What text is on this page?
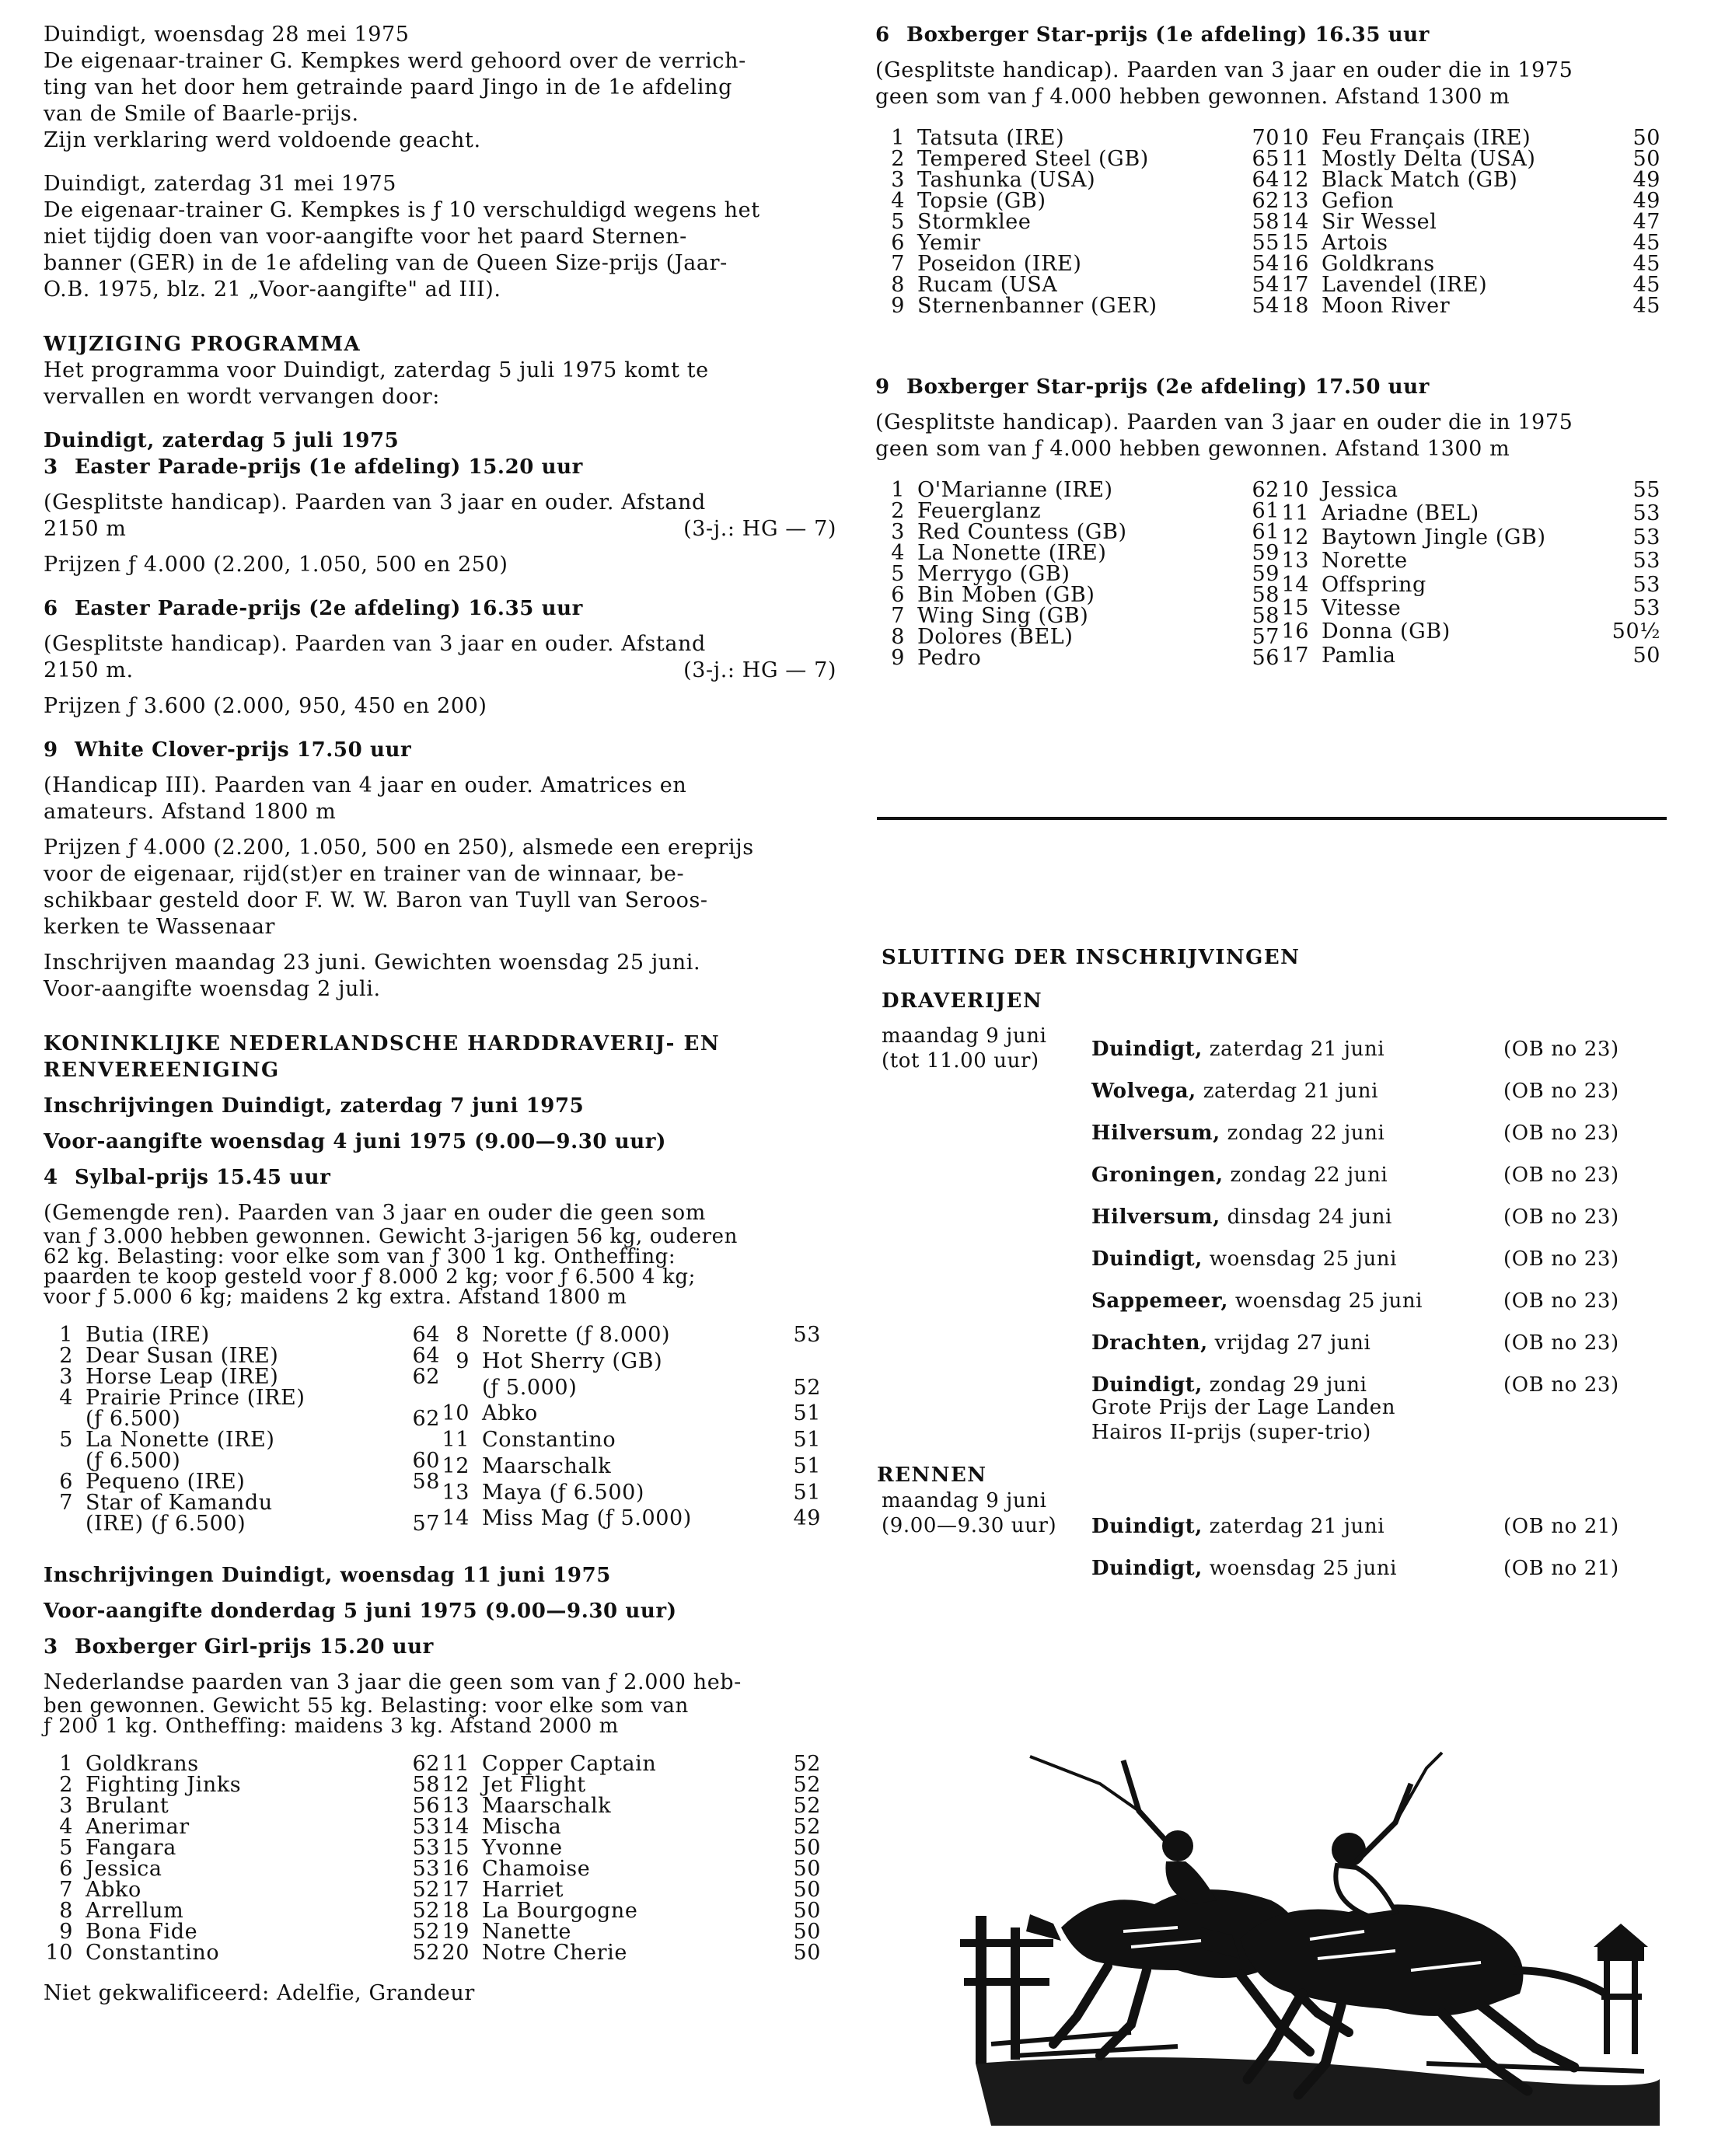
Duindigt, woensdag 28 mei 1975

De eigenaar-trainer G. Kempkes werd gehoord over de verrich-

ting van het door hem getrainde paard Jingo in de 1e afdeling

van de Smile of Baarle-prijs.

Zijn verklaring werd voldoende geacht.

Duindigt, zaterdag 31 mei 1975

De eigenaar-trainer G. Kempkes is ƒ 10 verschuldigd wegens het

niet tijdig doen van voor-aangifte voor het paard Sternen-

banner (GER) in de 1e afdeling van de Queen Size-prijs (Jaar-

O.B. 1975, blz. 21 „Voor-aangifte" ad III).

WIJZIGING PROGRAMMA

Het programma voor Duindigt, zaterdag 5 juli 1975 komt te

vervallen en wordt vervangen door:

Duindigt, zaterdag 5 juli 1975

3 Easter Parade-prijs (1e afdeling) 15.20 uur

(Gesplitste handicap). Paarden van 3 jaar en ouder. Afstand

2150 m	(3-j.: HG — 7)

Prijzen ƒ 4.000 (2.200, 1.050, 500 en 250)

6 Easter Parade-prijs (2e afdeling) 16.35 uur

(Gesplitste handicap). Paarden van 3 jaar en ouder. Afstand

2150 m.	(3-j.: HG — 7)

Prijzen ƒ 3.600 (2.000, 950, 450 en 200)

9 White Clover-prijs 17.50 uur

(Handicap III). Paarden van 4 jaar en ouder. Amatrices en

amateurs. Afstand 1800 m

Prijzen ƒ 4.000 (2.200, 1.050, 500 en 250), alsmede een ereprijs

voor de eigenaar, rijd(st)er en trainer van de winnaar, be-

schikbaar gesteld door F. W. W. Baron van Tuyll van Seroos-

kerken te Wassenaar

Inschrijven maandag 23 juni. Gewichten woensdag 25 juni.

Voor-aangifte woensdag 2 juli.

KONINKLIJKE NEDERLANDSCHE HARDDRAVERIJ- EN

RENVEREENIGING

Inschrijvingen Duindigt, zaterdag 7 juni 1975

Voor-aangifte woensdag 4 juni 1975 (9.00—9.30 uur)

4 Sylbal-prijs 15.45 uur

(Gemengde ren). Paarden van 3 jaar en ouder die geen som

van ƒ 3.000 hebben gewonnen. Gewicht 3-jarigen 56 kg, ouderen

62 kg. Belasting: voor elke som van ƒ 300 1 kg. Ontheffing:

paarden te koop gesteld voor ƒ 8.000 2 kg; voor ƒ 6.500 4 kg;

voor ƒ 5.000 6 kg; maidens 2 kg extra. Afstand 1800 m

1 Butia (IRE)	64
2 Dear Susan (IRE)	64
3 Horse Leap (IRE)	62
4 Prairie Prince (IRE)
(ƒ 6.500)	62
5 La Nonette (IRE)
(ƒ 6.500)	60
6 Pequeno (IRE)	58
7 Star of Kamandu
(IRE) (ƒ 6.500)	57
8 Norette (ƒ 8.000)	53
9 Hot Sherry (GB)
(ƒ 5.000)	52
10 Abko	51
11 Constantino	51
12 Maarschalk	51
13 Maya (ƒ 6.500)	51
14 Miss Mag (ƒ 5.000)	49

Inschrijvingen Duindigt, woensdag 11 juni 1975

Voor-aangifte donderdag 5 juni 1975 (9.00—9.30 uur)

3 Boxberger Girl-prijs 15.20 uur

Nederlandse paarden van 3 jaar die geen som van ƒ 2.000 heb-

ben gewonnen. Gewicht 55 kg. Belasting: voor elke som van

ƒ 200 1 kg. Ontheffing: maidens 3 kg. Afstand 2000 m

1 Goldkrans	62
2 Fighting Jinks	58
3 Brulant	56
4 Anerimar	53
5 Fangara	53
6 Jessica	53
7 Abko	52
8 Arrellum	52
9 Bona Fide	52
10 Constantino	52
11 Copper Captain	52
12 Jet Flight	52
13 Maarschalk	52
14 Mischa	52
15 Yvonne	50
16 Chamoise	50
17 Harriet	50
18 La Bourgogne	50
19 Nanette	50
20 Notre Cherie	50

Niet gekwalificeerd: Adelfie, Grandeur

6 Boxberger Star-prijs (1e afdeling) 16.35 uur

(Gesplitste handicap). Paarden van 3 jaar en ouder die in 1975

geen som van ƒ 4.000 hebben gewonnen. Afstand 1300 m

1 Tatsuta (IRE)	70
2 Tempered Steel (GB)	65
3 Tashunka (USA)	64
4 Topsie (GB)	62
5 Stormklee	58
6 Yemir	55
7 Poseidon (IRE)	54
8 Rucam (USA	54
9 Sternenbanner (GER)	54
10 Feu Français (IRE)	50
11 Mostly Delta (USA)	50
12 Black Match (GB)	49
13 Gefion	49
14 Sir Wessel	47
15 Artois	45
16 Goldkrans	45
17 Lavendel (IRE)	45
18 Moon River	45

9 Boxberger Star-prijs (2e afdeling) 17.50 uur

(Gesplitste handicap). Paarden van 3 jaar en ouder die in 1975

geen som van ƒ 4.000 hebben gewonnen. Afstand 1300 m

1 O'Marianne (IRE)	62
2 Feuerglanz	61
3 Red Countess (GB)	61
4 La Nonette (IRE)	59
5 Merrygo (GB)	59
6 Bin Moben (GB)	58
7 Wing Sing (GB)	58
8 Dolores (BEL)	57
9 Pedro	56
10 Jessica	55
11 Ariadne (BEL)	53
12 Baytown Jingle (GB)	53
13 Norette	53
14 Offspring	53
15 Vitesse	53
16 Donna (GB)	50½
17 Pamlia	50

SLUITING DER INSCHRIJVINGEN

DRAVERIJEN

maandag 9 juni
(tot 11.00 uur)	Duindigt, zaterdag 21 juni	(OB no 23)
Wolvega, zaterdag 21 juni	(OB no 23)
Hilversum, zondag 22 juni	(OB no 23)
Groningen, zondag 22 juni	(OB no 23)
Hilversum, dinsdag 24 juni	(OB no 23)
Duindigt, woensdag 25 juni	(OB no 23)
Sappemeer, woensdag 25 juni	(OB no 23)
Drachten, vrijdag 27 juni	(OB no 23)
Duindigt, zondag 29 juni	(OB no 23)
Grote Prijs der Lage Landen
Hairos II-prijs (super-trio)

RENNEN

maandag 9 juni
(9.00—9.30 uur) Duindigt, zaterdag 21 juni	(OB no 21)
Duindigt, woensdag 25 juni	(OB no 21)
